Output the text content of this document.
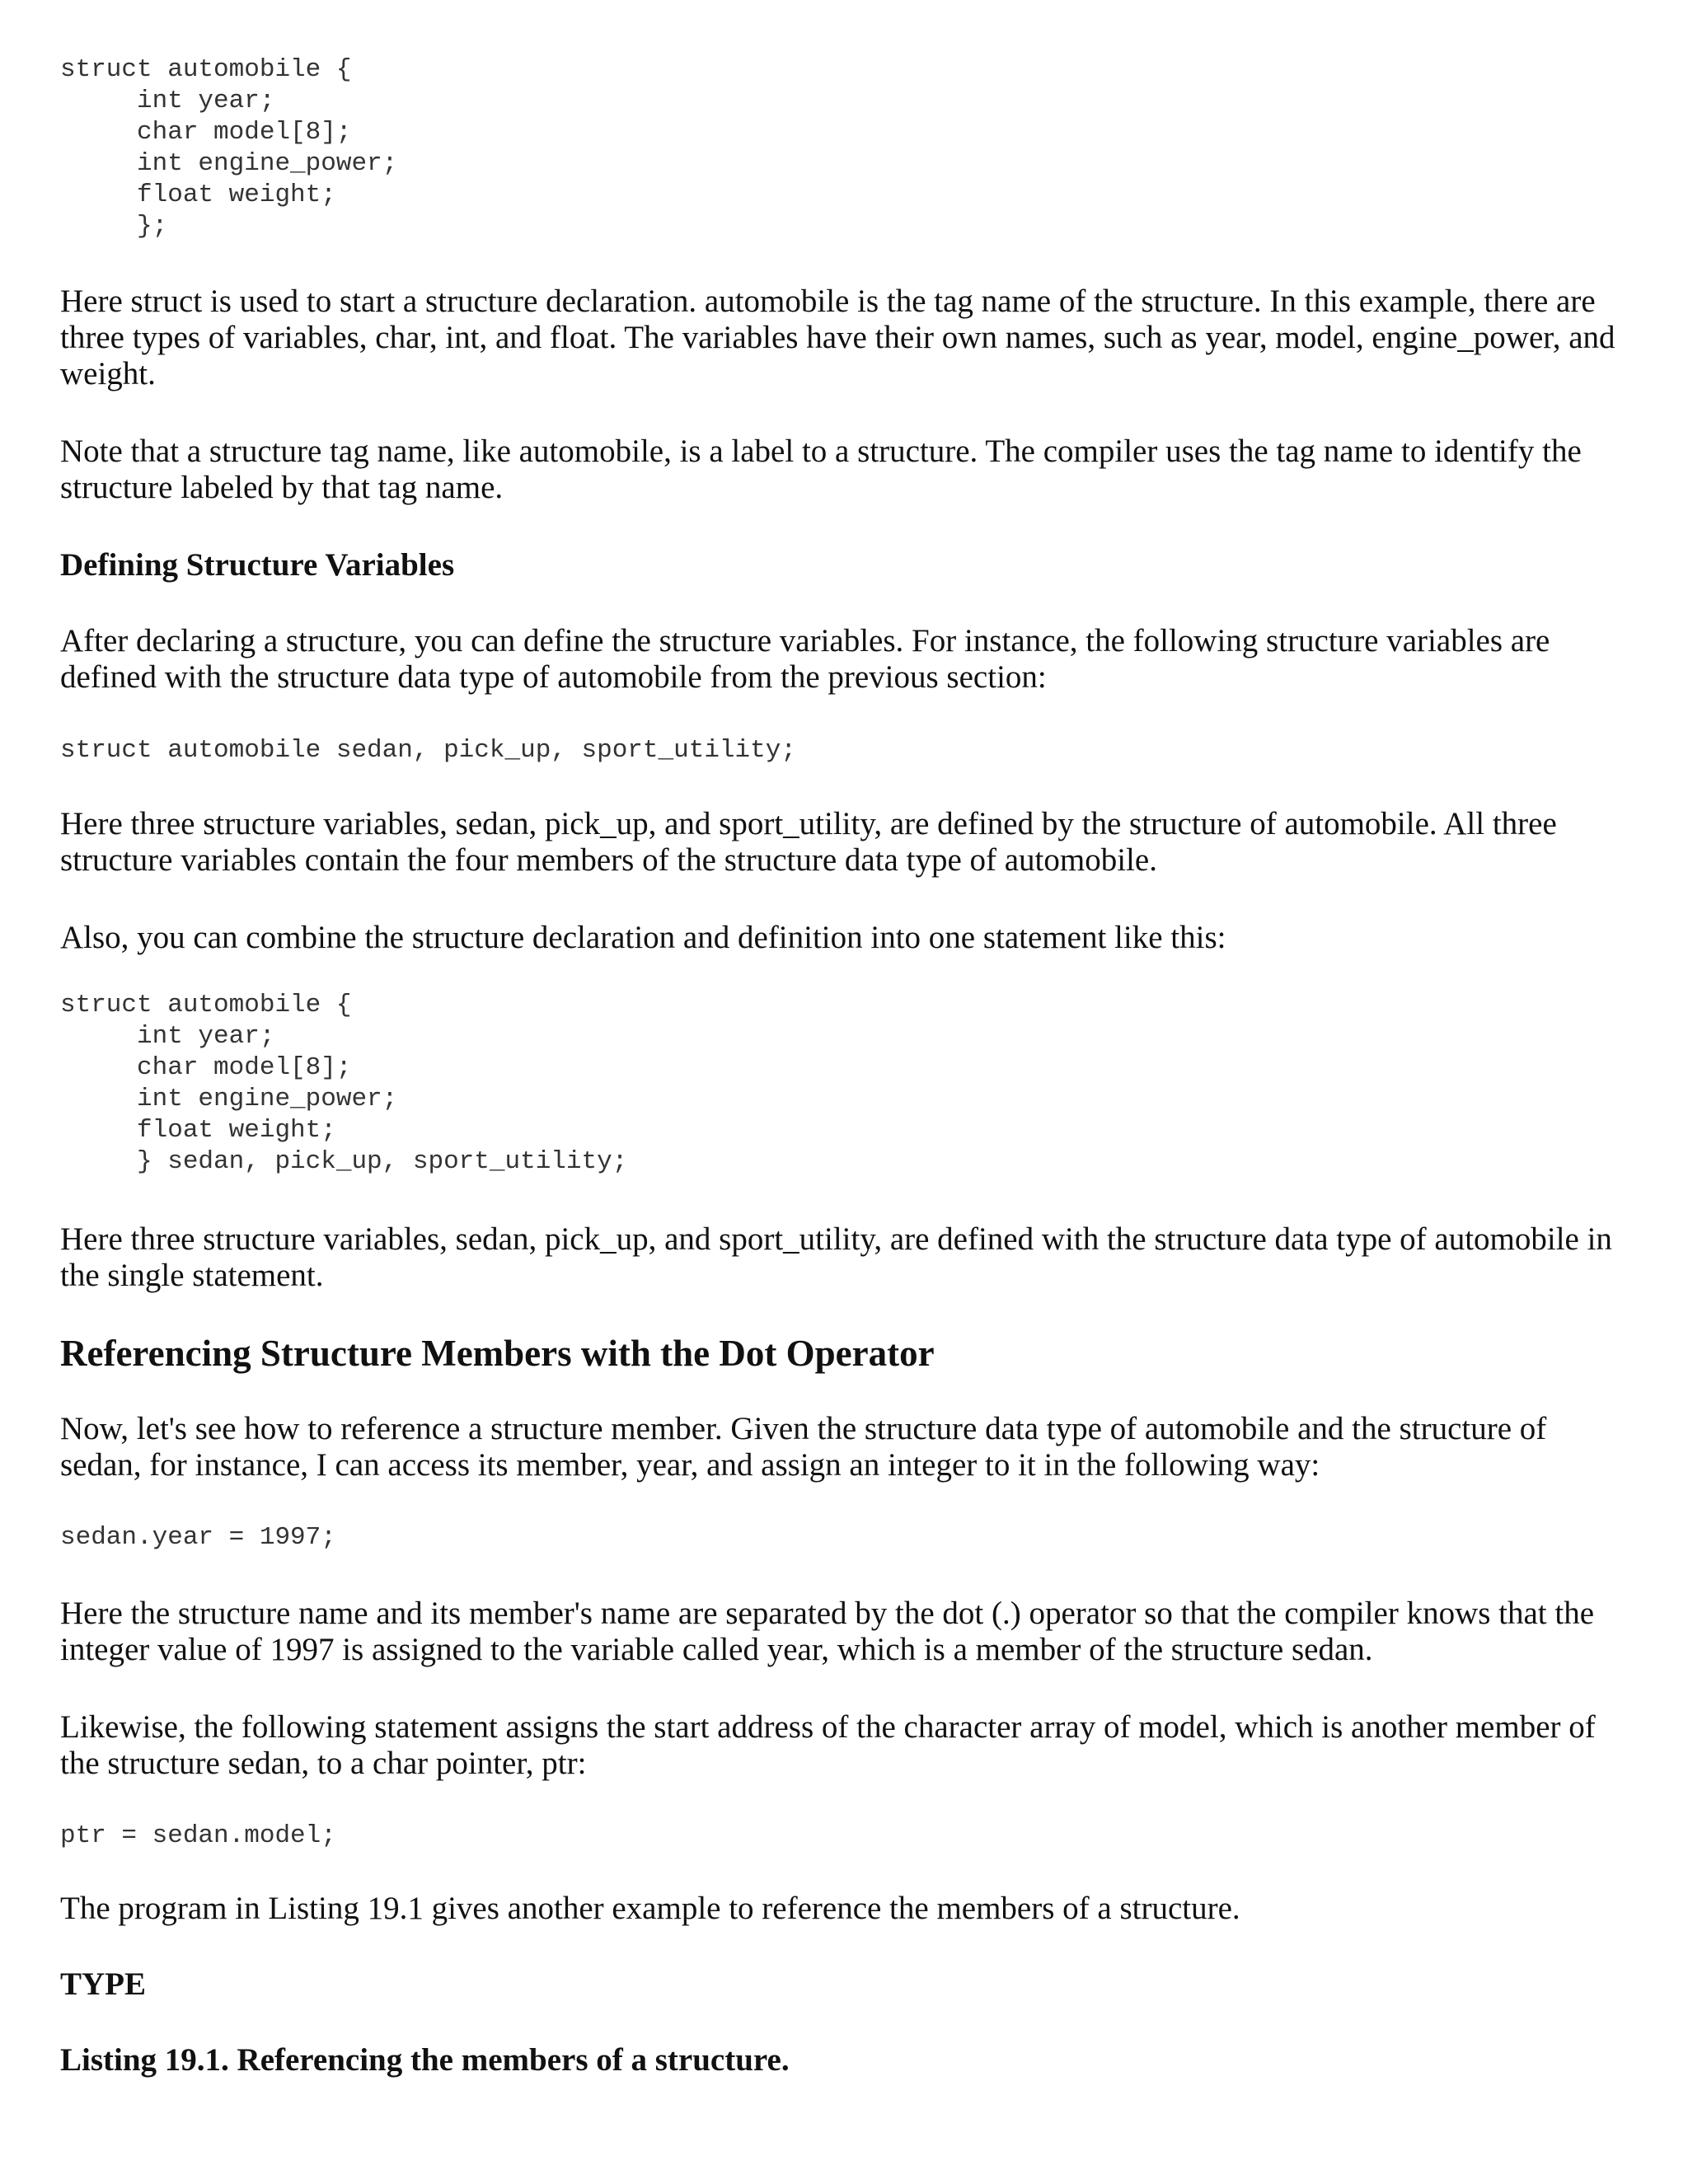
struct automobile {
int year;
char model[8];
int engine_power;
float weight;
};

Here struct is used to start a structure declaration. automobile is the tag name of the structure. In this example, there are three types of variables, char, int, and float. The variables have their own names, such as year, model, engine_power, and weight.

Note that a structure tag name, like automobile, is a label to a structure. The compiler uses the tag name to identify the structure labeled by that tag name.

Defining Structure Variables

After declaring a structure, you can define the structure variables. For instance, the following structure variables are defined with the structure data type of automobile from the previous section:

struct automobile sedan, pick_up, sport_utility;

Here three structure variables, sedan, pick_up, and sport_utility, are defined by the structure of automobile. All three structure variables contain the four members of the structure data type of automobile.

Also, you can combine the structure declaration and definition into one statement like this:

struct automobile {
int year;
char model[8];
int engine_power;
float weight;
} sedan, pick_up, sport_utility;

Here three structure variables, sedan, pick_up, and sport_utility, are defined with the structure data type of automobile in the single statement.

Referencing Structure Members with the Dot Operator

Now, let's see how to reference a structure member. Given the structure data type of automobile and the structure of sedan, for instance, I can access its member, year, and assign an integer to it in the following way:

sedan.year = 1997;

Here the structure name and its member's name are separated by the dot (.) operator so that the compiler knows that the integer value of 1997 is assigned to the variable called year, which is a member of the structure sedan.

Likewise, the following statement assigns the start address of the character array of model, which is another member of the structure sedan, to a char pointer, ptr:

ptr = sedan.model;

The program in Listing 19.1 gives another example to reference the members of a structure.

TYPE

Listing 19.1. Referencing the members of a structure.
